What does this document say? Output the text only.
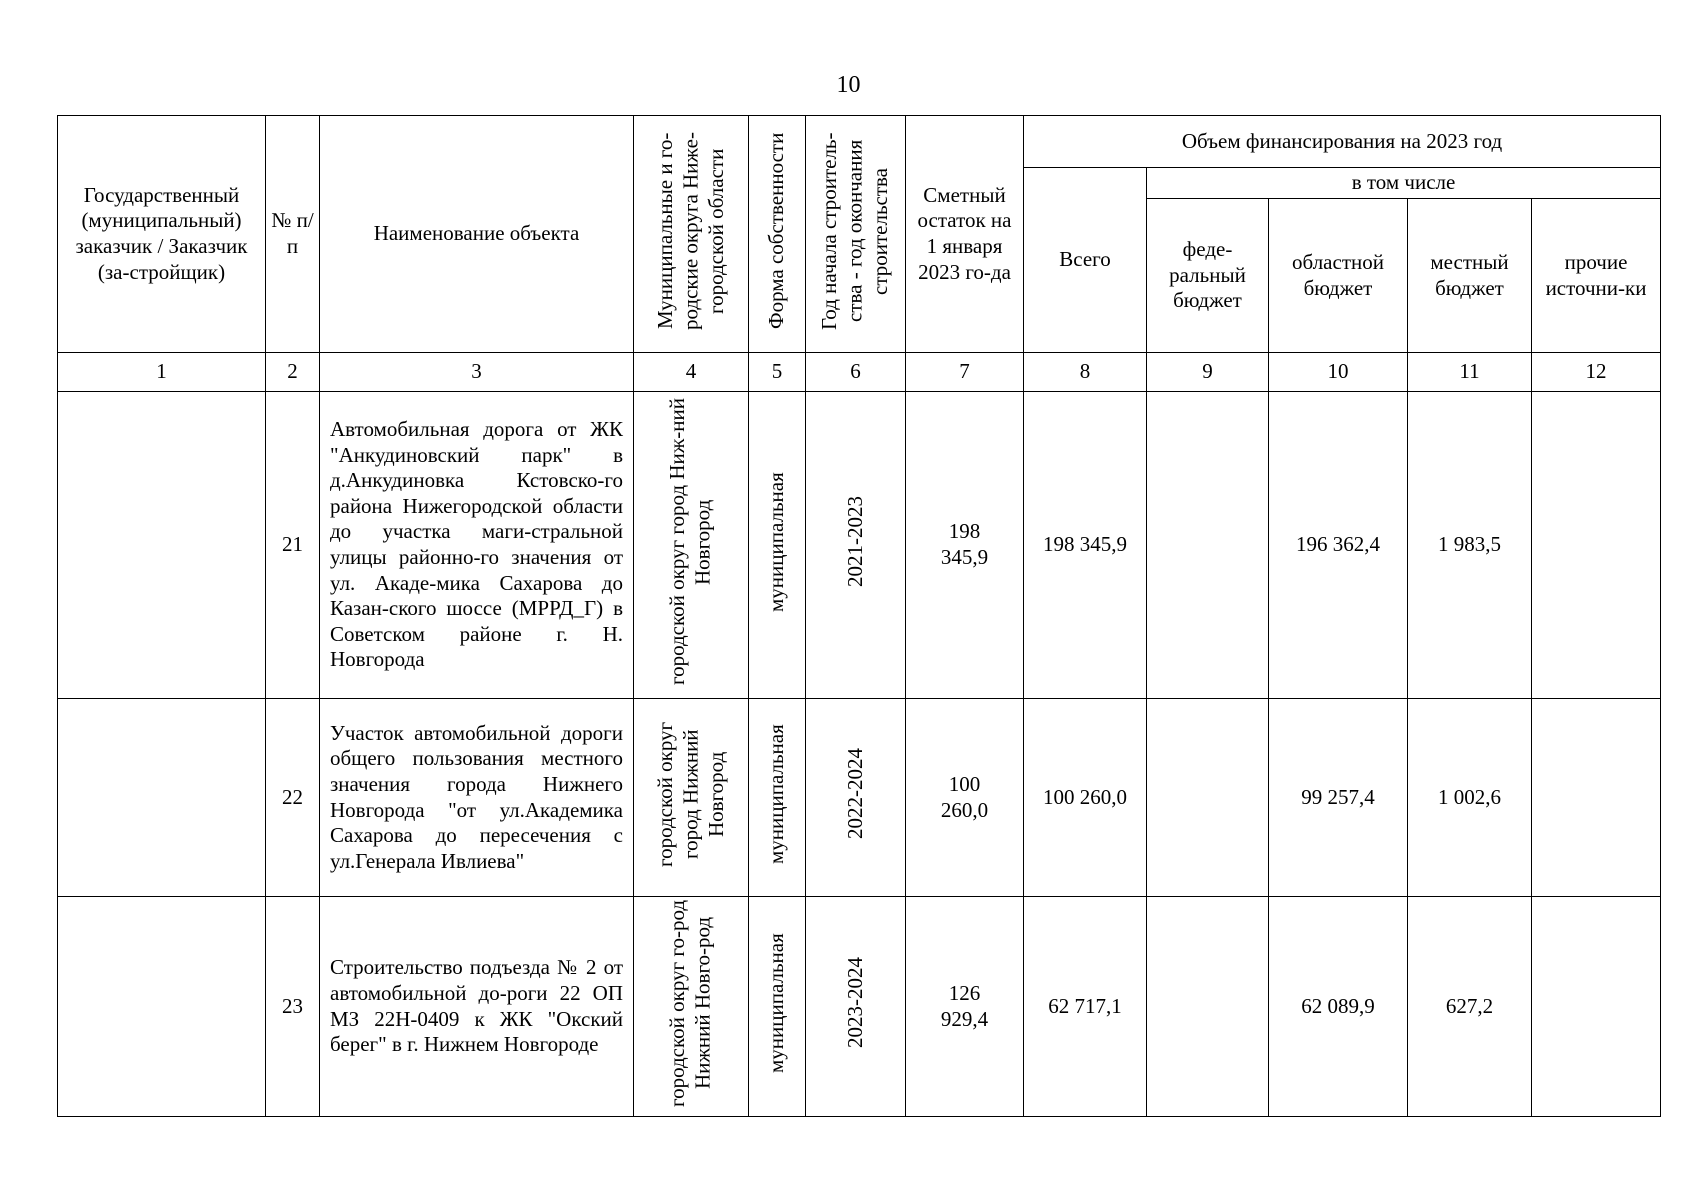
10
Государственный (муниципальный) заказчик / Заказчик (за-стройщик)	№ п/п	Наименование объекта	Муниципальные и го-родские округа Ниже-городской области	Форма собственности	Год начала строитель-ства - год окончания строительства	Сметный остаток на 1 января 2023 го-да	Объем финансирования на 2023 год				
							Всего	в том числе			
								феде-ральный бюджет	областной бюджет	местный бюджет	прочие источни-ки
1	2	3	4	5	6	7	8	9	10	11	12
	21	Автомобильная дорога от ЖК "Анкудиновский парк" в д.Анкудиновка Кстовско-го района Нижегородской области до участка маги-стральной улицы районно-го значения от ул. Акаде-мика Сахарова до Казан-ского шоссе (МРРД_Г) в Советском районе г. Н. Новгорода	городской округ город Ниж-ний Новгород	муниципальная	2021-2023	198 345,9	198 345,9		196 362,4	1 983,5	
	22	Участок автомобильной дороги общего пользования местного значения города Нижнего Новгорода "от ул.Академика Сахарова до пересечения с ул.Генерала Ивлиева"	городской округ город Нижний Новгород	муниципальная	2022-2024	100 260,0	100 260,0		99 257,4	1 002,6	
	23	Строительство подъезда № 2 от автомобильной до-роги 22 ОП МЗ 22Н-0409 к ЖК "Окский берег" в г. Нижнем Новгороде	городской округ го-род Нижний Новго-род	муниципальная	2023-2024	126 929,4	62 717,1		62 089,9	627,2	
